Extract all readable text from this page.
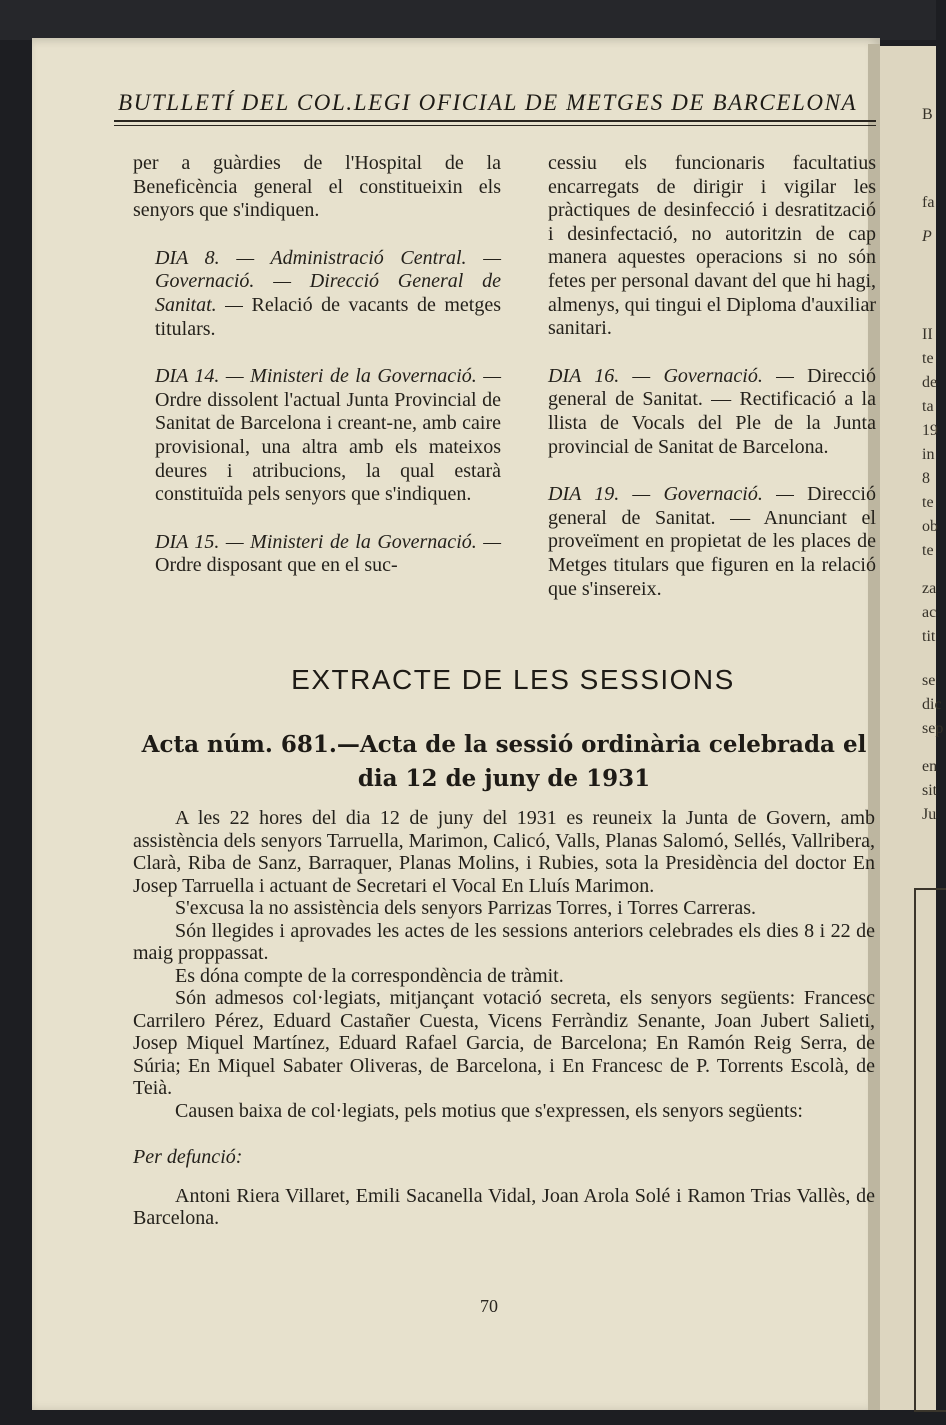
B
fa
P
II
te
de
ta
19
in
8
te
ob
te
za
ac
tit
se
dic
sep
en
sit
Ju
BUTLLETÍ DEL COL.LEGI OFICIAL DE METGES DE BARCELONA

per a guàrdies de l'Hospital de la Beneficència general el constitueixin els senyors que s'indiquen.

DIA 8. — Administració Central. — Governació. — Direcció General de Sanitat. — Relació de vacants de metges titulars.

DIA 14. — Ministeri de la Governació. — Ordre dissolent l'actual Junta Provincial de Sanitat de Barcelona i creant-ne, amb caire provisional, una altra amb els mateixos deures i atribucions, la qual estarà constituïda pels senyors que s'indiquen.

DIA 15. — Ministeri de la Governació. — Ordre disposant que en el suc-

cessiu els funcionaris facultatius encarregats de dirigir i vigilar les pràctiques de desinfecció i desratització i desinfectació, no autoritzin de cap manera aquestes operacions si no són fetes per personal davant del que hi hagi, almenys, qui tingui el Diploma d'auxiliar sanitari.

DIA 16. — Governació. — Direcció general de Sanitat. — Rectificació a la llista de Vocals del Ple de la Junta provincial de Sanitat de Barcelona.

DIA 19. — Governació. — Direcció general de Sanitat. — Anunciant el proveïment en propietat de les places de Metges titulars que figuren en la relació que s'insereix.

EXTRACTE DE LES SESSIONS
Acta núm. 681.—Acta de la sessió ordinària celebrada el dia 12 de juny de 1931

A les 22 hores del dia 12 de juny del 1931 es reuneix la Junta de Govern, amb assistència dels senyors Tarruella, Marimon, Calicó, Valls, Planas Salomó, Sellés, Vallribera, Clarà, Riba de Sanz, Barraquer, Planas Molins, i Rubies, sota la Presidència del doctor En Josep Tarruella i actuant de Secretari el Vocal En Lluís Marimon.

S'excusa la no assistència dels senyors Parrizas Torres, i Torres Carreras.

Són llegides i aprovades les actes de les sessions anteriors celebrades els dies 8 i 22 de maig proppassat.

Es dóna compte de la correspondència de tràmit.

Són admesos col·legiats, mitjançant votació secreta, els senyors següents: Francesc Carrilero Pérez, Eduard Castañer Cuesta, Vicens Ferràndiz Senante, Joan Jubert Salieti, Josep Miquel Martínez, Eduard Rafael Garcia, de Barcelona; En Ramón Reig Serra, de Súria; En Miquel Sabater Oliveras, de Barcelona, i En Francesc de P. Torrents Escolà, de Teià.

Causen baixa de col·legiats, pels motius que s'expressen, els senyors següents:

Per defunció:

Antoni Riera Villaret, Emili Sacanella Vidal, Joan Arola Solé i Ramon Trias Vallès, de Barcelona.

70
